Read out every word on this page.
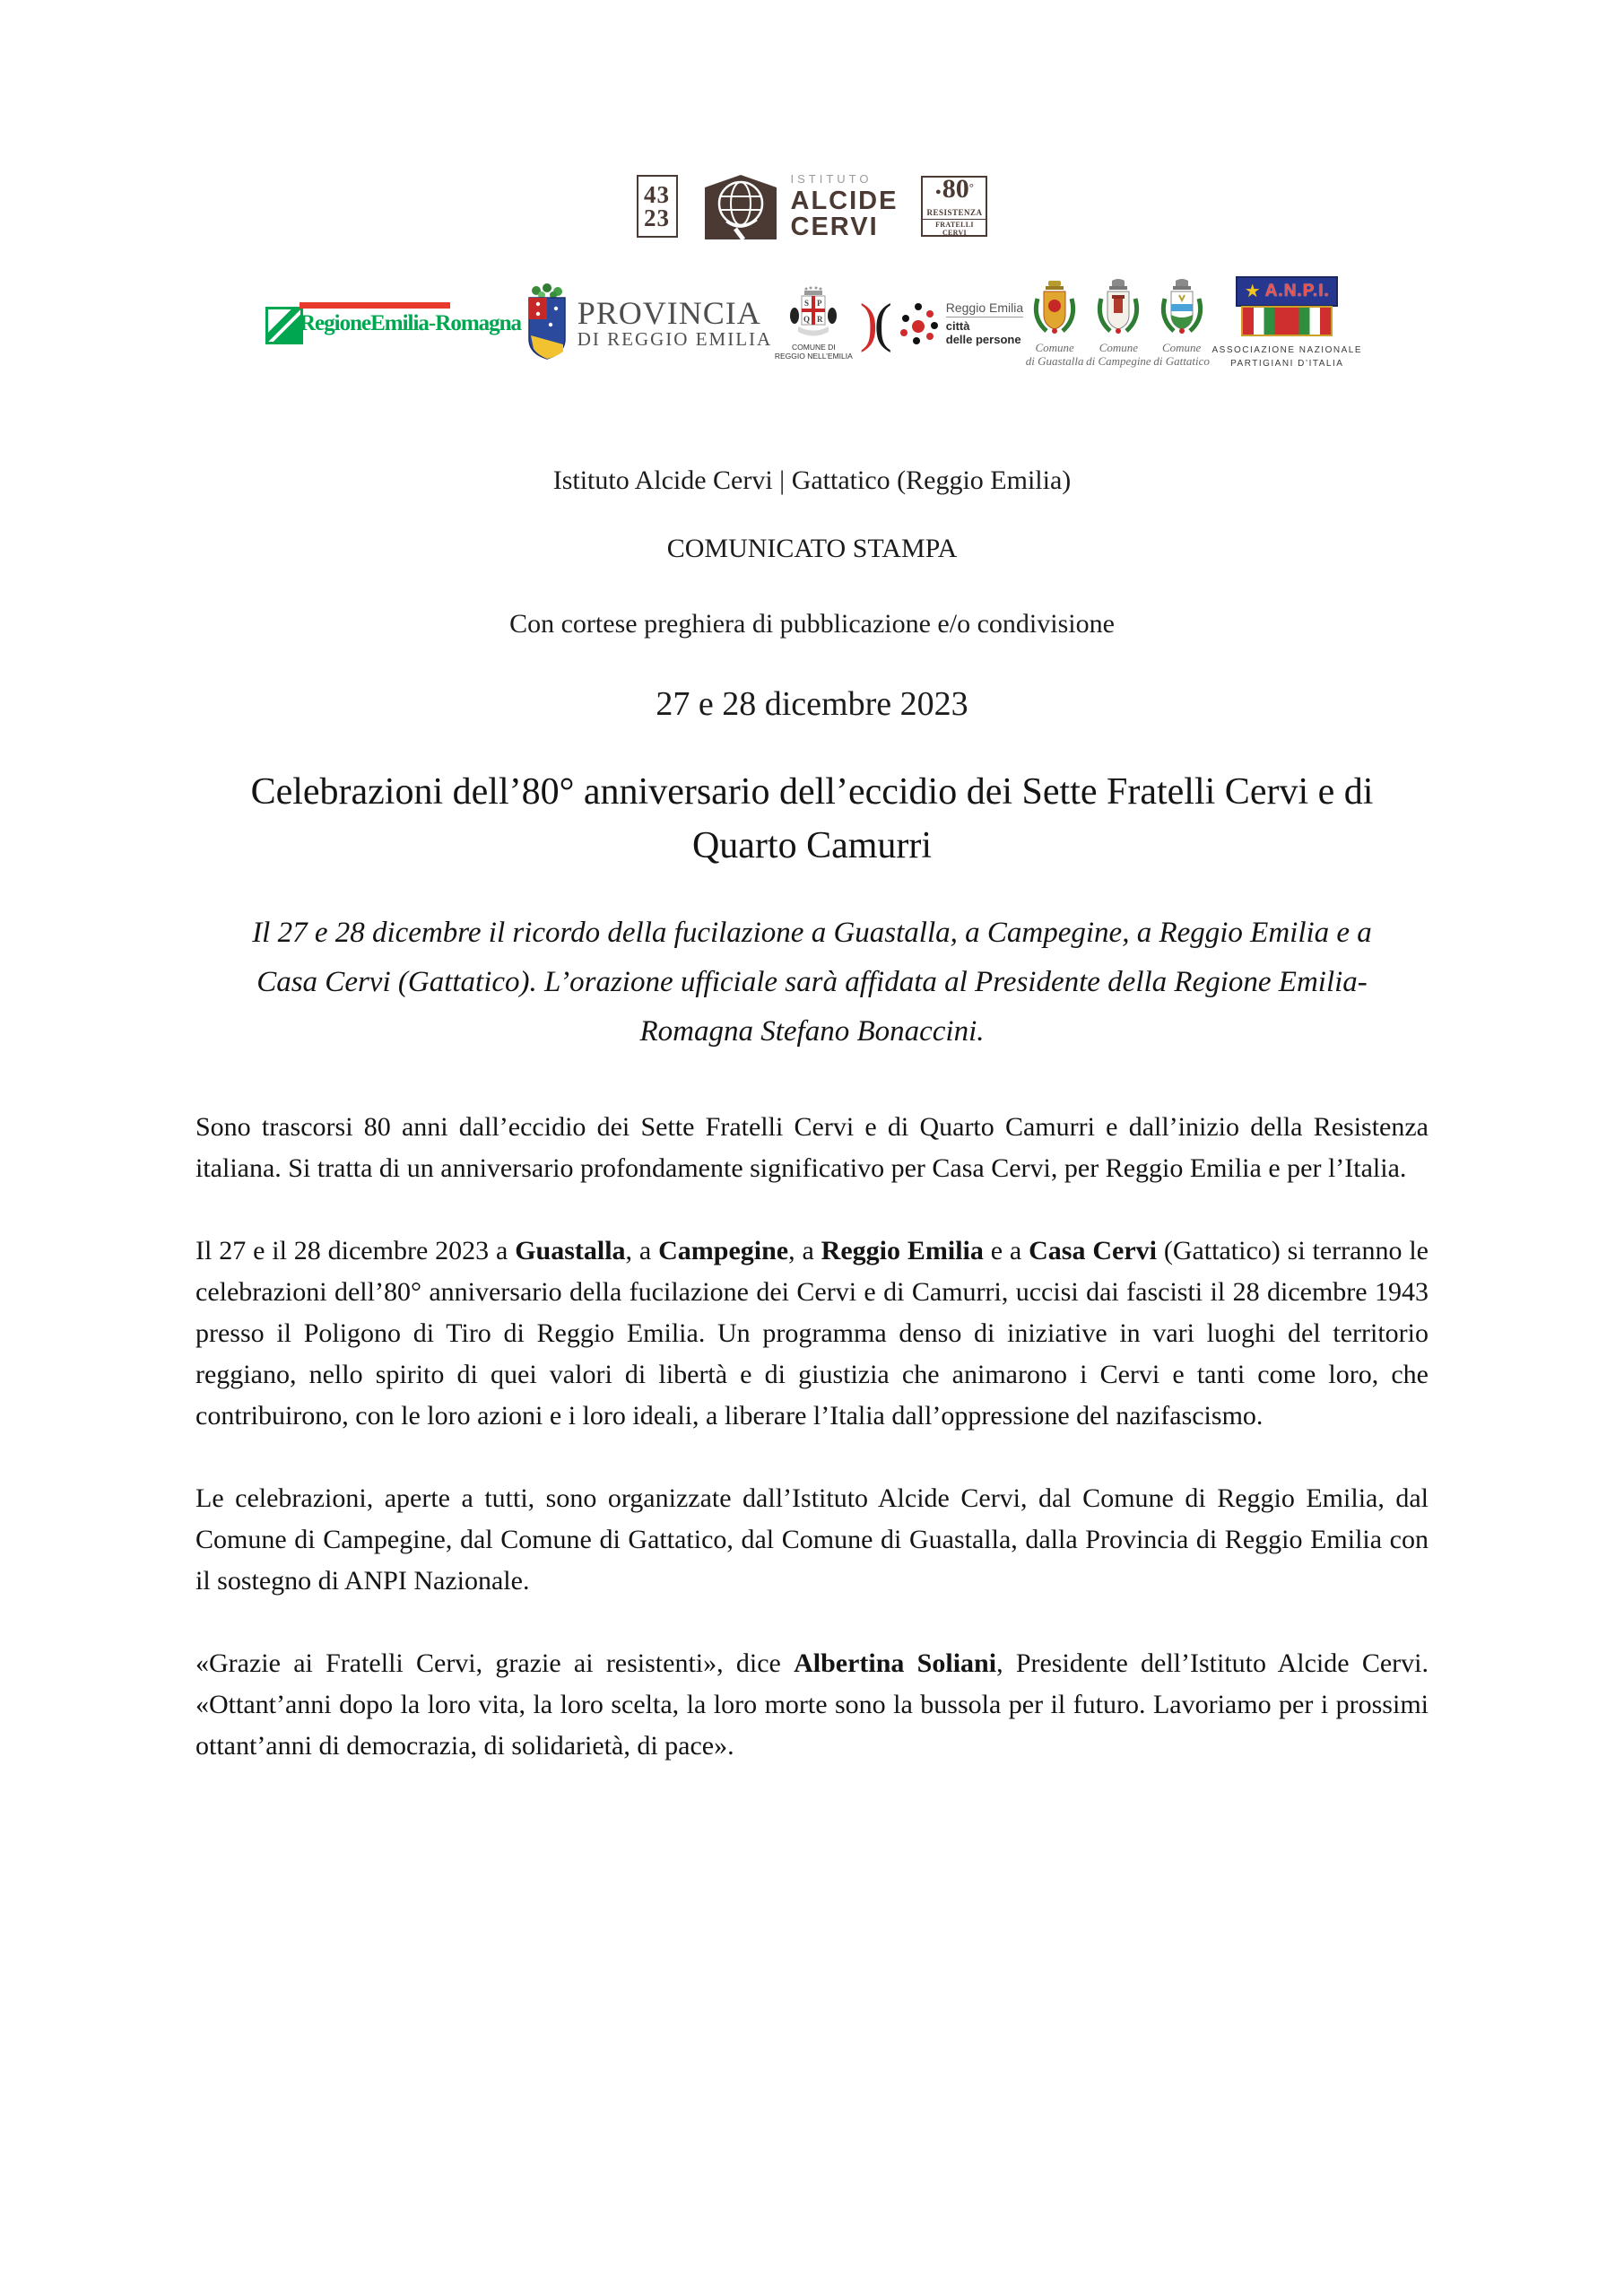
43
23
ISTITUTO
ALCIDE
CERVI
● 80 °
RESISTENZA
FRATELLI CERVI
RegioneEmilia-Romagna PROVINCIA
DI REGGIO EMILIA
S P
Q R
COMUNE DI
REGGIO NELL’EMILIA
) (	Reggio Emilia
città
delle persone
Comune
di Guastalla
Comune
di Campegine
Comune
di Gattatico
★ A.N.P.I.
ASSOCIAZIONE NAZIONALE
PARTIGIANI D’ITALIA
Istituto Alcide Cervi | Gattatico (Reggio Emilia)
COMUNICATO STAMPA
Con cortese preghiera di pubblicazione e/o condivisione
27 e 28 dicembre 2023
Celebrazioni dell’80° anniversario dell’eccidio dei Sette Fratelli Cervi e di Quarto Camurri
Il 27 e 28 dicembre il ricordo della fucilazione a Guastalla, a Campegine, a Reggio Emilia e a Casa Cervi (Gattatico). L’orazione ufficiale sarà affidata al Presidente della Regione Emilia-Romagna Stefano Bonaccini.

Sono trascorsi 80 anni dall’eccidio dei Sette Fratelli Cervi e di Quarto Camurri e dall’inizio della Resistenza italiana. Si tratta di un anniversario profondamente significativo per Casa Cervi, per Reggio Emilia e per l’Italia.

Il 27 e il 28 dicembre 2023 a Guastalla, a Campegine, a Reggio Emilia e a Casa Cervi (Gattatico) si terranno le celebrazioni dell’80° anniversario della fucilazione dei Cervi e di Camurri, uccisi dai fascisti il 28 dicembre 1943 presso il Poligono di Tiro di Reggio Emilia. Un programma denso di iniziative in vari luoghi del territorio reggiano, nello spirito di quei valori di libertà e di giustizia che animarono i Cervi e tanti come loro, che contribuirono, con le loro azioni e i loro ideali, a liberare l’Italia dall’oppressione del nazifascismo.

Le celebrazioni, aperte a tutti, sono organizzate dall’Istituto Alcide Cervi, dal Comune di Reggio Emilia, dal Comune di Campegine, dal Comune di Gattatico, dal Comune di Guastalla, dalla Provincia di Reggio Emilia con il sostegno di ANPI Nazionale.

«Grazie ai Fratelli Cervi, grazie ai resistenti», dice Albertina Soliani, Presidente dell’Istituto Alcide Cervi. «Ottant’anni dopo la loro vita, la loro scelta, la loro morte sono la bussola per il futuro. Lavoriamo per i prossimi ottant’anni di democrazia, di solidarietà, di pace».
